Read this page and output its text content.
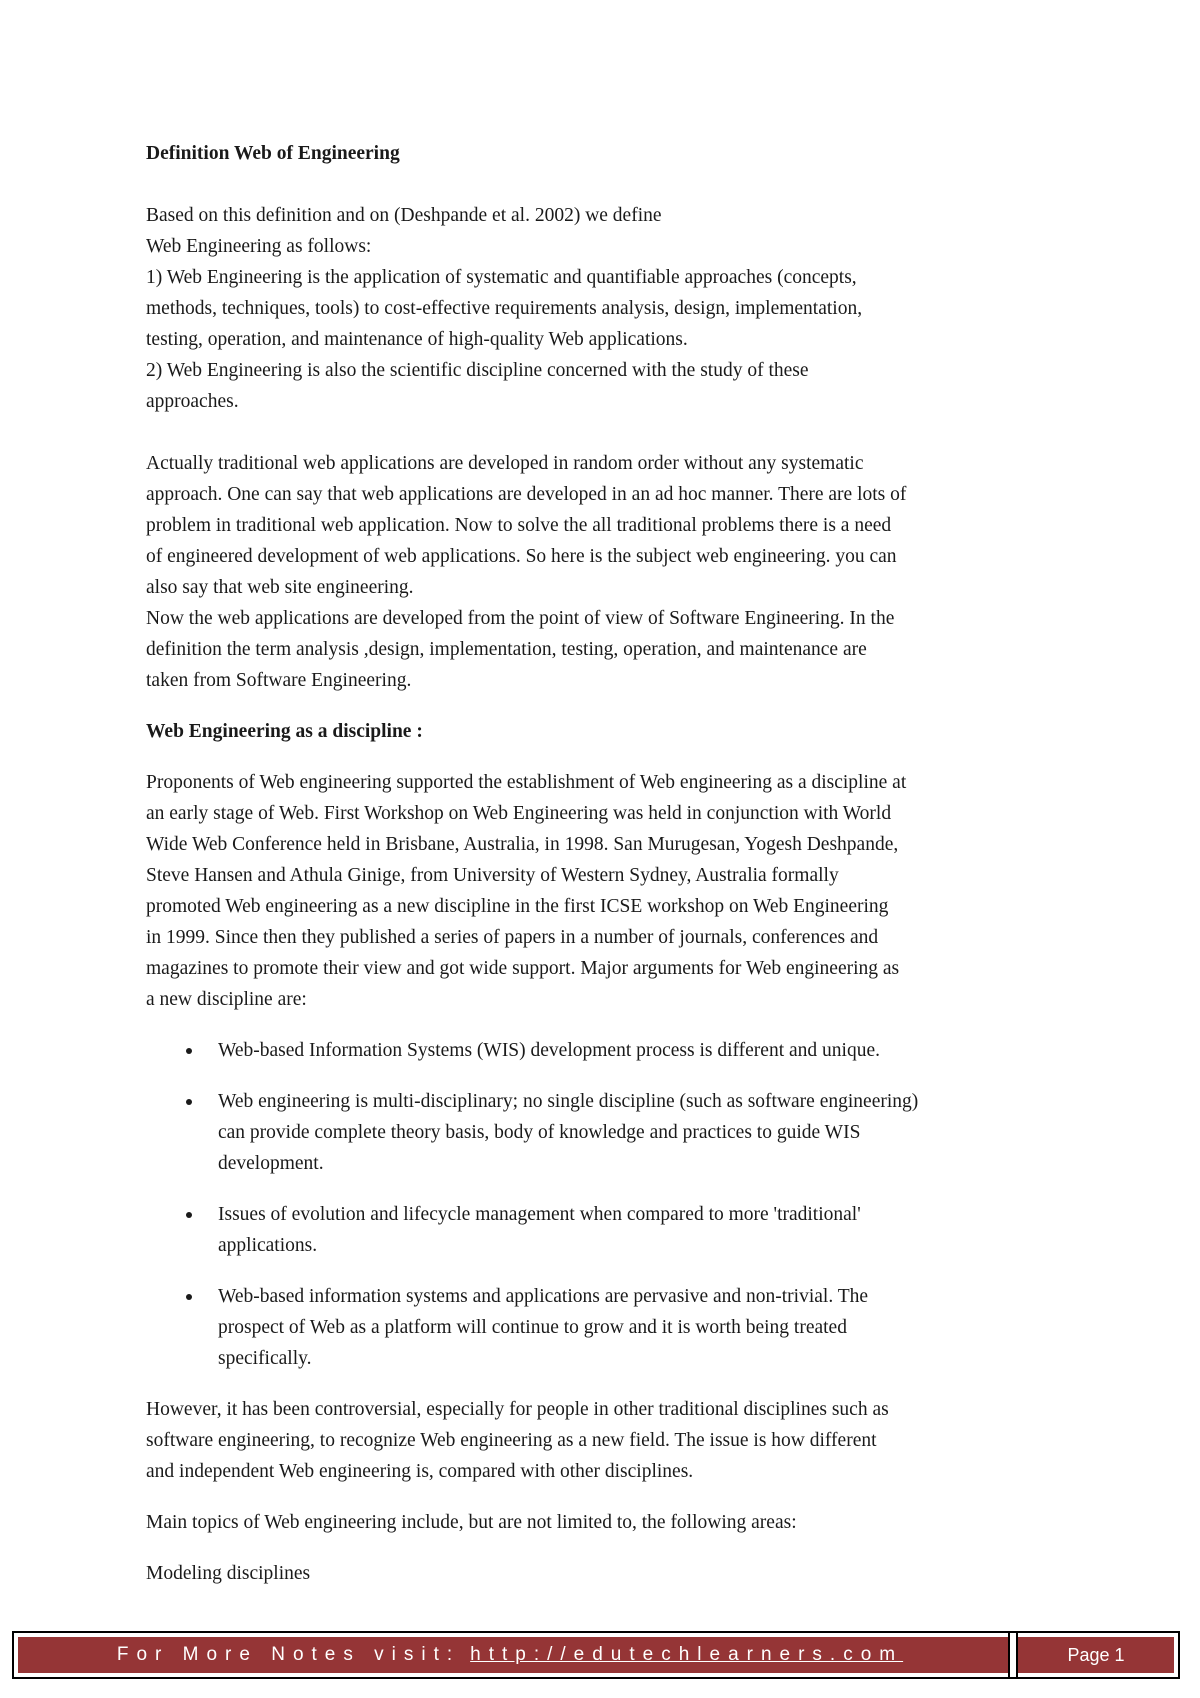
Definition Web of Engineering

Based on this definition and on (Deshpande et al. 2002) we define
Web Engineering as follows:
1) Web Engineering is the application of systematic and quantifiable approaches (concepts,
methods, techniques, tools) to cost-effective requirements analysis, design, implementation,
testing, operation, and maintenance of high-quality Web applications.
2) Web Engineering is also the scientific discipline concerned with the study of these
approaches.

Actually traditional web applications are developed in random order without any systematic
approach. One can say that web applications are developed in an ad hoc manner. There are lots of
problem in traditional web application. Now to solve the all traditional problems there is a need
of engineered development of web applications. So here is the subject web engineering. you can
also say that web site engineering.
Now the web applications are developed from the point of view of Software Engineering. In the
definition the term analysis ,design, implementation, testing, operation, and maintenance are
taken from Software Engineering.

Web Engineering as a discipline :

Proponents of Web engineering supported the establishment of Web engineering as a discipline at
an early stage of Web. First Workshop on Web Engineering was held in conjunction with World
Wide Web Conference held in Brisbane, Australia, in 1998. San Murugesan, Yogesh Deshpande,
Steve Hansen and Athula Ginige, from University of Western Sydney, Australia formally
promoted Web engineering as a new discipline in the first ICSE workshop on Web Engineering
in 1999. Since then they published a series of papers in a number of journals, conferences and
magazines to promote their view and got wide support. Major arguments for Web engineering as
a new discipline are:

Web-based Information Systems (WIS) development process is different and unique.
Web engineering is multi-disciplinary; no single discipline (such as software engineering)
can provide complete theory basis, body of knowledge and practices to guide WIS
development.
Issues of evolution and lifecycle management when compared to more 'traditional'
applications.
Web-based information systems and applications are pervasive and non-trivial. The
prospect of Web as a platform will continue to grow and it is worth being treated
specifically.

However, it has been controversial, especially for people in other traditional disciplines such as
software engineering, to recognize Web engineering as a new field. The issue is how different
and independent Web engineering is, compared with other disciplines.

Main topics of Web engineering include, but are not limited to, the following areas:

Modeling disciplines

For More Notes visit: http://edutechlearners.com	Page 1
